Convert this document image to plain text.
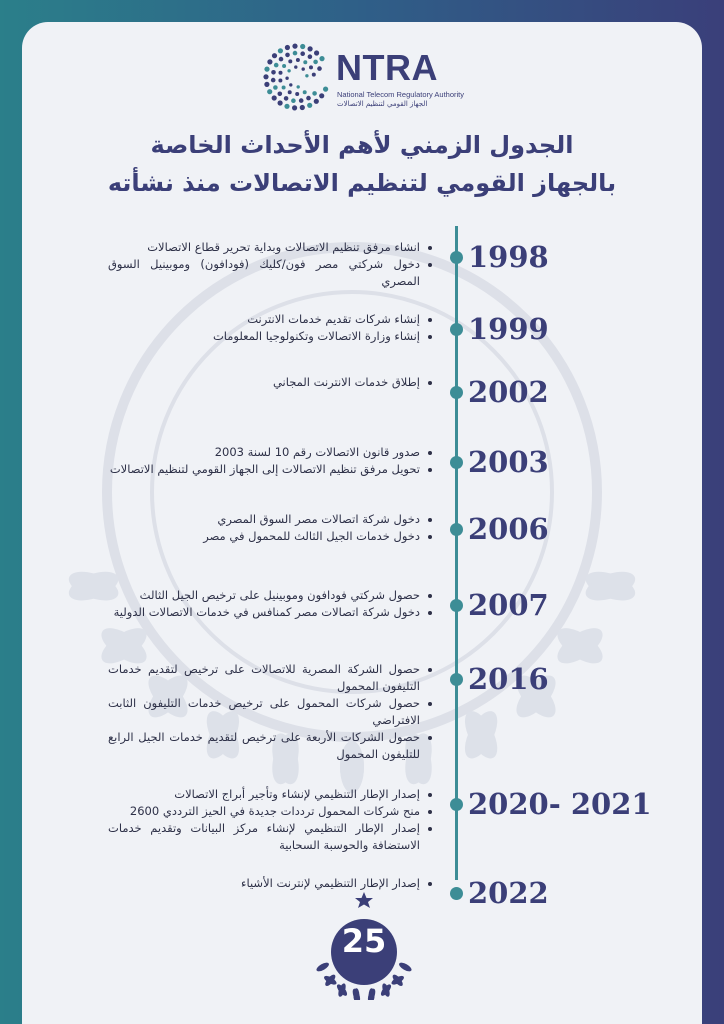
NTRA
National Telecom Regulatory Authority
الجهاز القومي لتنظيم الاتصالات
الجدول الزمني لأهم الأحداث الخاصة
بالجهاز القومي لتنظيم الاتصالات منذ نشأته
1998
انشاء مرفق تنظيم الاتصالات وبداية تحرير قطاع الاتصالات
دخول شركتي مصر فون/كليك (فودافون) وموبينيل السوق المصري
1999
إنشاء شركات تقديم خدمات الانترنت
إنشاء وزارة الاتصالات وتكنولوجيا المعلومات
2002
إطلاق خدمات الانترنت المجاني
2003
صدور قانون الاتصالات رقم 10 لسنة 2003
تحويل مرفق تنظيم الاتصالات إلى الجهاز القومي لتنظيم الاتصالات
2006
دخول شركة اتصالات مصر السوق المصري
دخول خدمات الجيل الثالث للمحمول في مصر
2007
حصول شركتي فودافون وموبينيل على ترخيص الجيل الثالث
دخول شركة اتصالات مصر كمنافس في خدمات الاتصالات الدولية
2016
حصول الشركة المصرية للاتصالات على ترخيص لتقديم خدمات التليفون المحمول
حصول شركات المحمول على ترخيص خدمات التليفون الثابت الافتراضي
حصول الشركات الأربعة على ترخيص لتقديم خدمات الجيل الرابع للتليفون المحمول
2020- 2021
إصدار الإطار التنظيمي لإنشاء وتأجير أبراج الاتصالات
منح شركات المحمول ترددات جديدة في الحيز الترددي 2600
إصدار الإطار التنظيمي لإنشاء مركز البيانات وتقديم خدمات الاستضافة والحوسبة السحابية
2022
إصدار الإطار التنظيمي لإنترنت الأشياء
25
